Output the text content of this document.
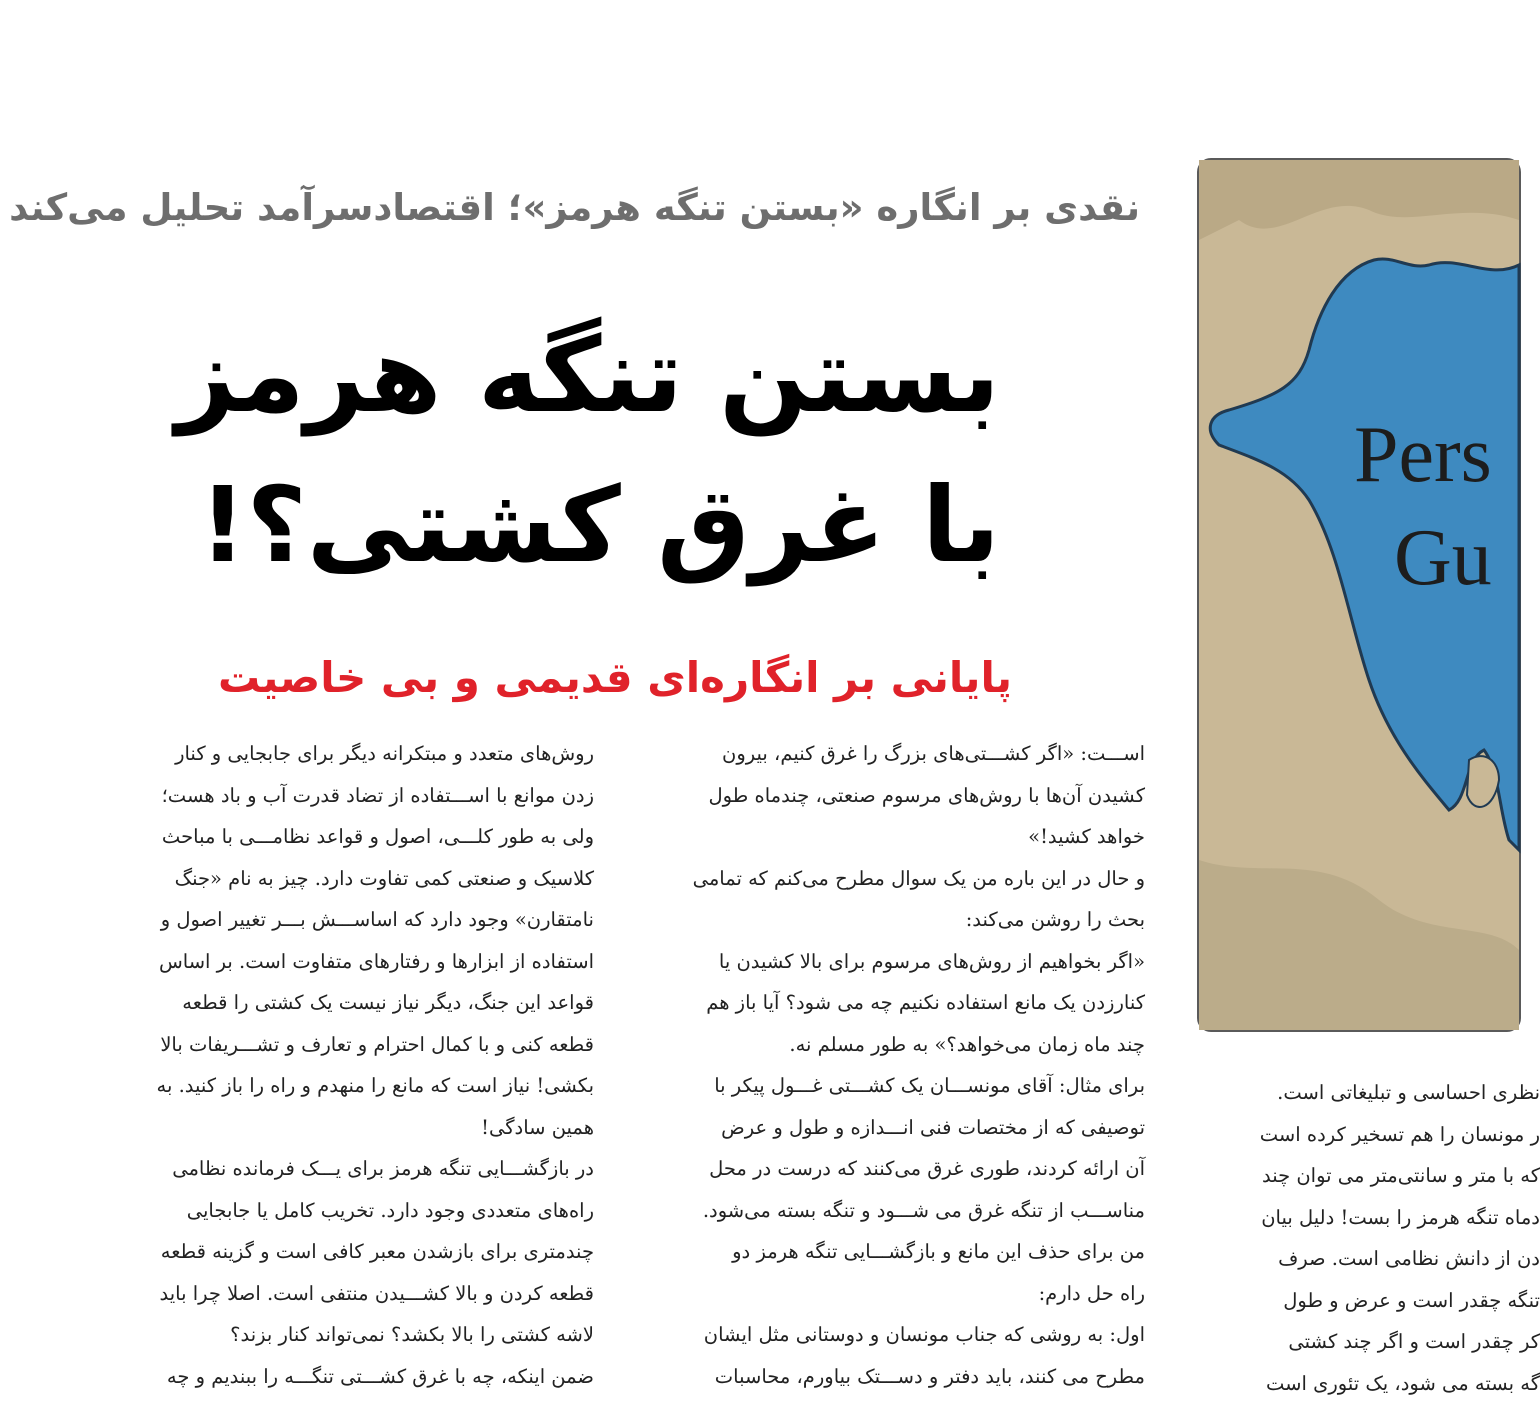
نقدی بر انگاره «بستن تنگه هرمز»؛ اقتصادسرآمد تحلیل می‌کند
بستن تنگه هرمز
با غرق کشتی؟!
پایانی بر انگاره‌ای قدیمی و بی خاصیت

اســـت: «اگر کشـــتی‌های بزرگ را غرق کنیم، بیرون

کشیدن آن‌ها با روش‌های مرسوم صنعتی، چندماه طول

خواهد کشید!»

و حال در این باره من یک سوال مطرح می‌کنم که تمامی

بحث را روشن می‌کند:

«اگر بخواهیم از روش‌های مرسوم برای بالا کشیدن یا

کنارزدن یک مانع استفاده نکنیم چه می شود؟ آیا باز هم

چند ماه زمان می‌خواهد؟» به طور مسلم نه.

برای مثال: آقای مونســـان یک کشـــتی غـــول پیکر با

توصیفی که از مختصات فنی انـــدازه و طول و عرض

آن ارائه کردند، طوری غرق می‌کنند که درست در محل

مناســـب از تنگه غرق می شـــود و تنگه بسته می‌شود.

من برای حذف این مانع و بازگشـــایی تنگه هرمز دو

راه حل دارم:

اول: به روشی که جناب مونسان و دوستانی مثل ایشان

مطرح می کنند، باید دفتر و دســـتک بیاورم، محاسبات

روش‌های متعدد و مبتکرانه دیگر برای جابجایی و کنار

زدن موانع با اســـتفاده از تضاد قدرت آب و باد هست؛

ولی به طور کلـــی، اصول و قواعد نظامـــی با مباحث

کلاسیک و صنعتی کمی تفاوت دارد. چیز به نام «جنگ

نامتقارن» وجود دارد که اساســـش بـــر تغییر اصول و

استفاده از ابزارها و رفتارهای متفاوت است. بر اساس

قواعد این جنگ، دیگر نیاز نیست یک کشتی را قطعه

قطعه کنی و با کمال احترام و تعارف و تشـــریفات بالا

بکشی! نیاز است که مانع را منهدم و راه را باز کنید. به

همین سادگی!

در بازگشـــایی تنگه هرمز برای یـــک فرمانده نظامی

راه‌های متعددی وجود دارد. تخریب کامل یا جابجایی

چندمتری برای بازشدن معبر کافی است و گزینه قطعه

قطعه کردن و بالا کشـــیدن منتفی است. اصلا چرا باید

لاشه کشتی را بالا بکشد؟ نمی‌تواند کنار بزند؟

ضمن اینکه، چه با غرق کشـــتی تنگـــه را ببندیم و چه

نظری احساسی و تبلیغاتی است.

ر مونسان را هم تسخیر کرده است

که با متر و سانتی‌متر می توان چند

دماه تنگه هرمز را بست! دلیل بیان

دن از دانش نظامی است. صرف

تنگه چقدر است و عرض و طول

کر چقدر است و اگر چند کشتی

گه بسته می شود، یک تئوری است

Pers
Gu
